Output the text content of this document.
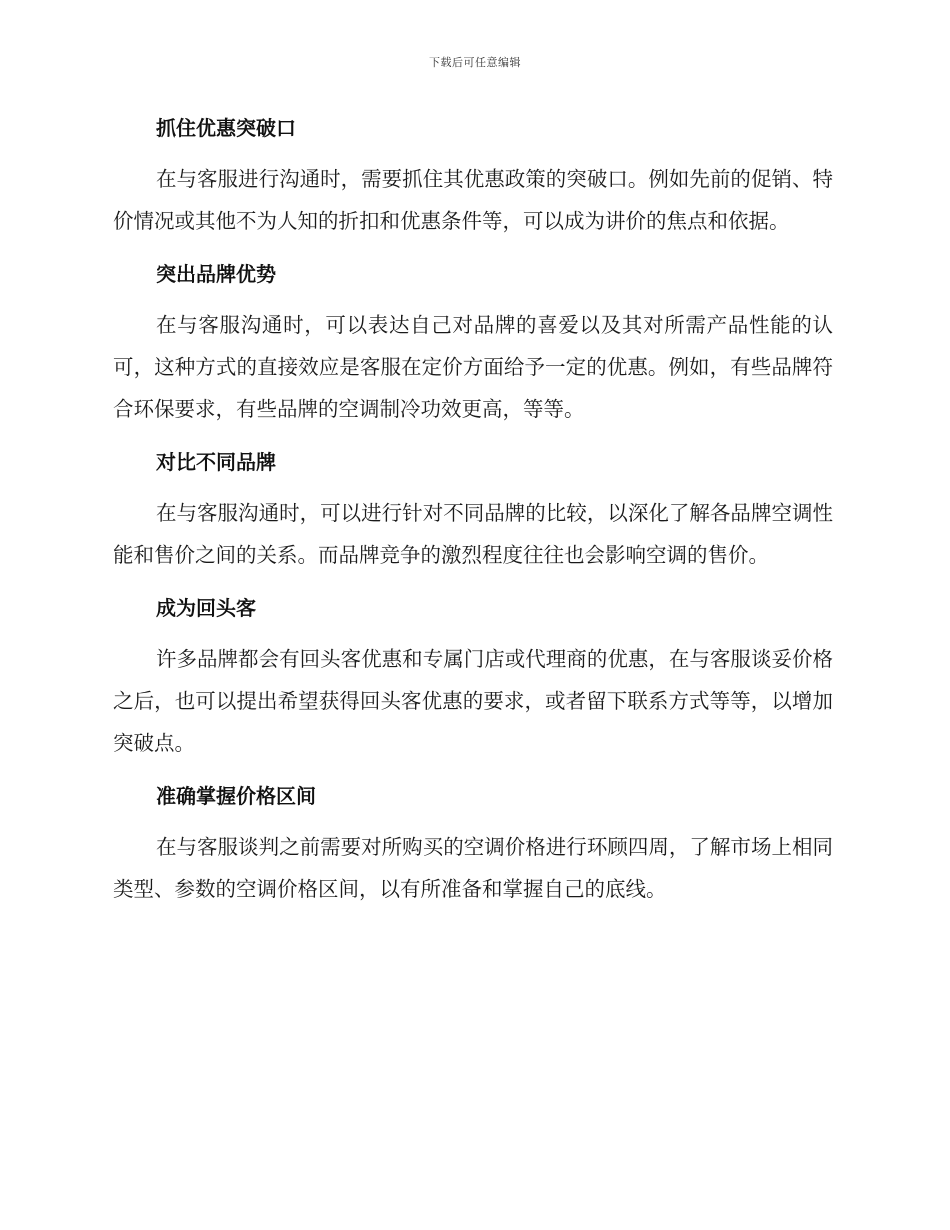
下载后可任意编辑
抓住优惠突破口

在与客服进行沟通时，需要抓住其优惠政策的突破口。例如先前的促销、特价情况或其他不为人知的折扣和优惠条件等，可以成为讲价的焦点和依据。

突出品牌优势

在与客服沟通时，可以表达自己对品牌的喜爱以及其对所需产品性能的认可，这种方式的直接效应是客服在定价方面给予一定的优惠。例如，有些品牌符合环保要求，有些品牌的空调制冷功效更高，等等。

对比不同品牌

在与客服沟通时，可以进行针对不同品牌的比较，以深化了解各品牌空调性能和售价之间的关系。而品牌竞争的激烈程度往往也会影响空调的售价。

成为回头客

许多品牌都会有回头客优惠和专属门店或代理商的优惠，在与客服谈妥价格之后，也可以提出希望获得回头客优惠的要求，或者留下联系方式等等，以增加突破点。

准确掌握价格区间

在与客服谈判之前需要对所购买的空调价格进行环顾四周，了解市场上相同类型、参数的空调价格区间，以有所准备和掌握自己的底线。
